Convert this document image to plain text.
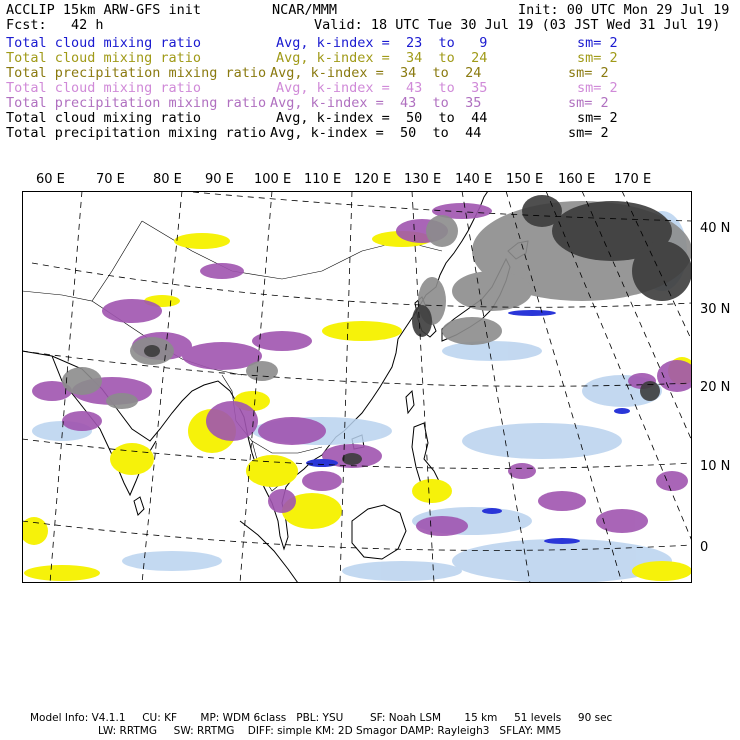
ACCLIP 15km ARW-GFS init	NCAR/MMM	Init: 00 UTC Mon 29 Jul 19
Fcst:   42 h	Valid: 18 UTC Tue 30 Jul 19 (03 JST Wed 31 Jul 19)
Total cloud mixing ratio	Avg, k-index =  23  to   9	sm= 2
Total cloud mixing ratio	Avg, k-index =  34  to  24	sm= 2
Total precipitation mixing ratio Avg, k-index =  34  to  24	sm= 2
Total cloud mixing ratio	Avg, k-index =  43  to  35	sm= 2
Total precipitation mixing ratio Avg, k-index =  43  to  35	sm= 2
Total cloud mixing ratio	Avg, k-index =  50  to  44	sm= 2
Total precipitation mixing ratio Avg, k-index =  50  to  44	sm= 2
60 E 70 E 80 E 90 E 100 E 110 E 120 E 130 E 140 E 150 E 160 E 170 E
40 N
30 N
20 N
10 N
0
Model Info: V4.1.1     CU: KF       MP: WDM 6class   PBL: YSU        SF: Noah LSM       15 km     51 levels     90 sec
LW: RRTMG     SW: RRTMG    DIFF: simple KM: 2D Smagor DAMP: Rayleigh3   SFLAY: MM5
